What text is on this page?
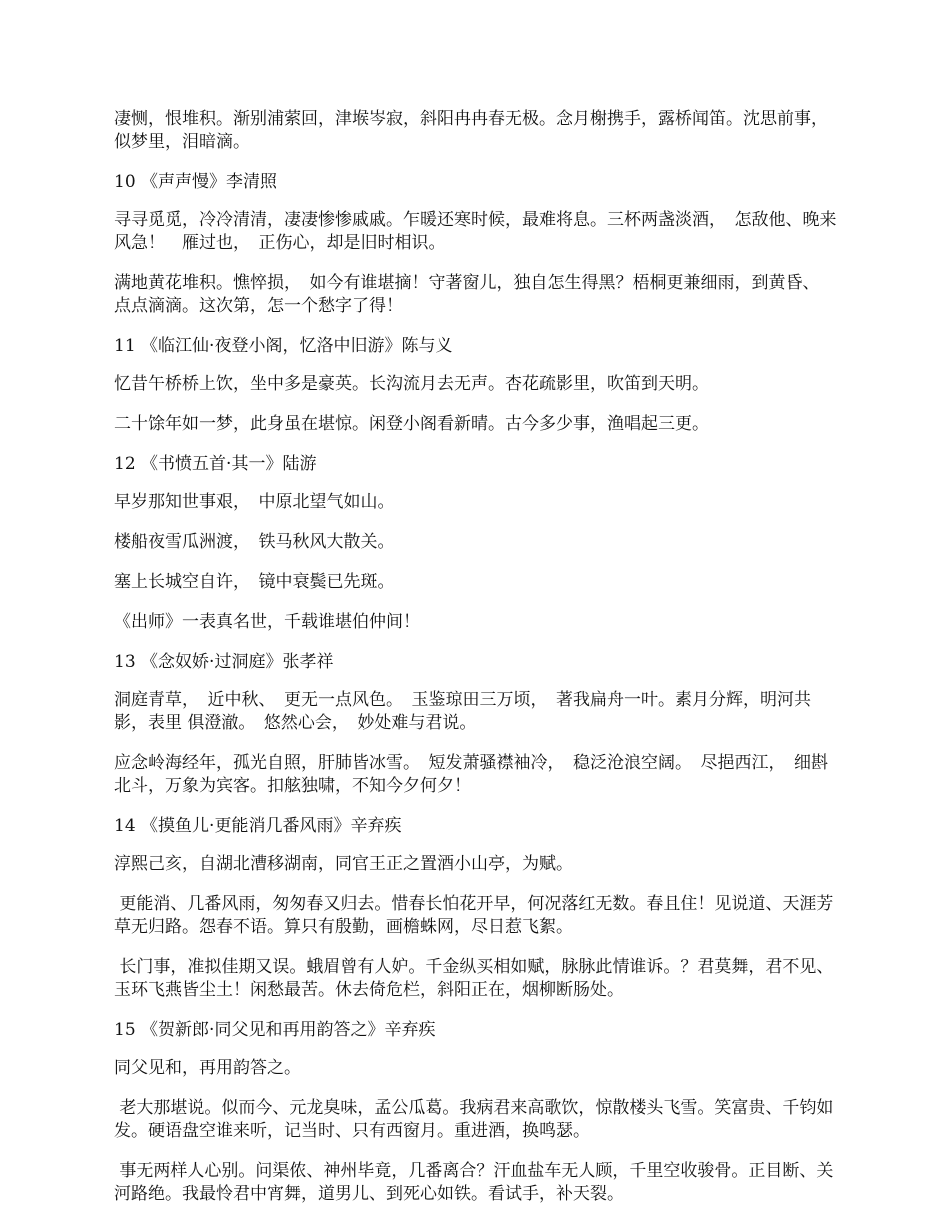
凄恻，恨堆积。渐别浦萦回，津堠岑寂，斜阳冉冉春无极。念月榭携手，露桥闻笛。沈思前事，似梦里，泪暗滴。

10 《声声慢》李清照

寻寻觅觅，冷冷清清，凄凄惨惨戚戚。乍暖还寒时候，最难将息。三杯两盏淡酒，　怎敌他、晚来风急！　雁过也，　正伤心，却是旧时相识。

满地黄花堆积。憔悴损，　如今有谁堪摘！守著窗儿，独自怎生得黑？梧桐更兼细雨，到黄昏、　点点滴滴。这次第，怎一个愁字了得！

11 《临江仙·夜登小阁，忆洛中旧游》陈与义

忆昔午桥桥上饮，坐中多是豪英。长沟流月去无声。杏花疏影里，吹笛到天明。

二十馀年如一梦，此身虽在堪惊。闲登小阁看新晴。古今多少事，渔唱起三更。

12 《书愤五首·其一》陆游

早岁那知世事艰，　中原北望气如山。

楼船夜雪瓜洲渡，　铁马秋风大散关。

塞上长城空自许，　镜中衰鬓已先斑。

《出师》一表真名世，千载谁堪伯仲间！

13 《念奴娇·过洞庭》张孝祥

洞庭青草，　近中秋、　更无一点风色。　玉鉴琼田三万顷，　著我扁舟一叶。素月分辉，明河共影，表里 俱澄澈。　悠然心会，　妙处难与君说。

应念岭海经年，孤光自照，肝肺皆冰雪。　短发萧骚襟袖冷，　稳泛沧浪空阔。　尽挹西江，　细斟北斗，万象为宾客。扣舷独啸，不知今夕何夕！

14 《摸鱼儿·更能消几番风雨》辛弃疾

淳熙己亥，自湖北漕移湖南，同官王正之置酒小山亭，为赋。

更能消、几番风雨，匆匆春又归去。惜春长怕花开早，何况落红无数。春且住！见说道、天涯芳草无归路。怨春不语。算只有殷勤，画檐蛛网，尽日惹飞絮。

长门事，准拟佳期又误。蛾眉曾有人妒。千金纵买相如赋，脉脉此情谁诉。？君莫舞，君不见、玉环飞燕皆尘土！闲愁最苦。休去倚危栏，斜阳正在，烟柳断肠处。

15 《贺新郎·同父见和再用韵答之》辛弃疾

同父见和，再用韵答之。

老大那堪说。似而今、元龙臭味，孟公瓜葛。我病君来高歌饮，惊散楼头飞雪。笑富贵、千钧如发。硬语盘空谁来听，记当时、只有西窗月。重进酒，换鸣瑟。

事无两样人心别。问渠侬、神州毕竟，几番离合？汗血盐车无人顾，千里空收骏骨。正目断、关河路绝。我最怜君中宵舞，道男儿、到死心如铁。看试手，补天裂。
